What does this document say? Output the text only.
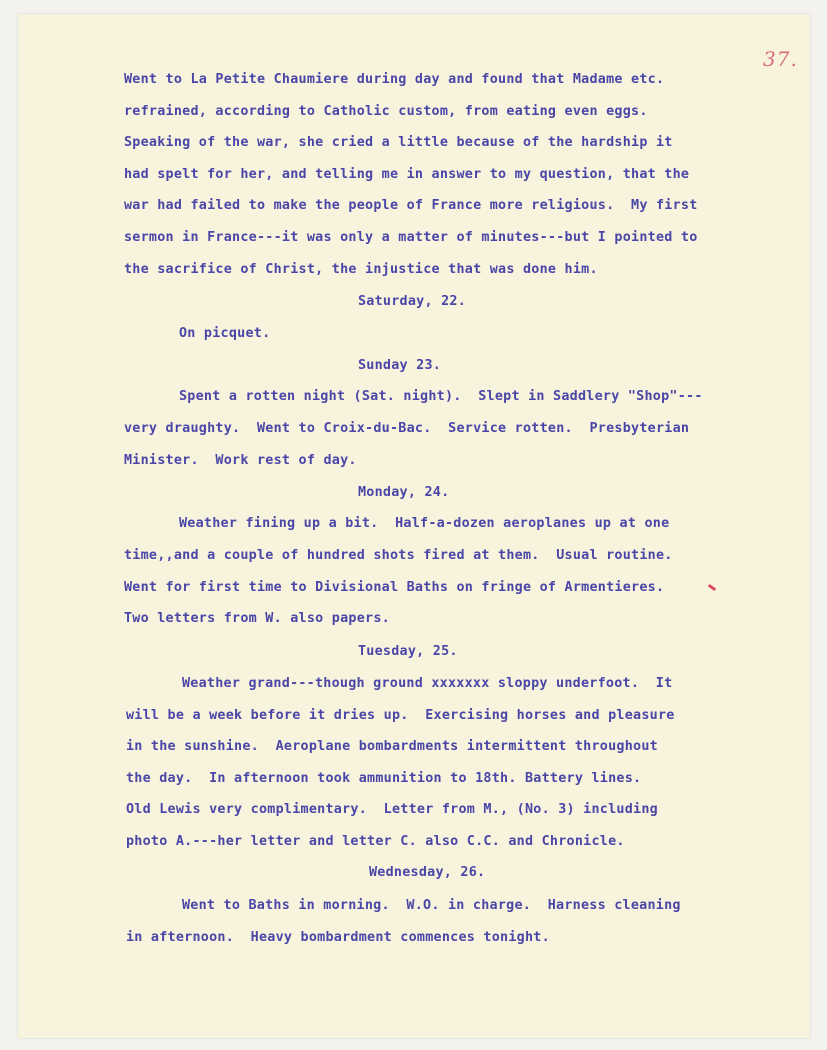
37.
Went to La Petite Chaumiere during day and found that Madame etc.
refrained, according to Catholic custom, from eating even eggs.
Speaking of the war, she cried a little because of the hardship it
had spelt for her, and telling me in answer to my question, that the
war had failed to make the people of France more religious.  My first
sermon in France---it was only a matter of minutes---but I pointed to
the sacrifice of Christ, the injustice that was done him.
Saturday, 22.
On picquet.
Sunday 23.
Spent a rotten night (Sat. night).  Slept in Saddlery "Shop"---
very draughty.  Went to Croix-du-Bac.  Service rotten.  Presbyterian
Minister.  Work rest of day.
Monday, 24.
Weather fining up a bit.  Half-a-dozen aeroplanes up at one
time,,and a couple of hundred shots fired at them.  Usual routine.
Went for first time to Divisional Baths on fringe of Armentieres.
Two letters from W. also papers.
Tuesday, 25.
Weather grand---though ground xxxxxxx sloppy underfoot.  It
will be a week before it dries up.  Exercising horses and pleasure
in the sunshine.  Aeroplane bombardments intermittent throughout
the day.  In afternoon took ammunition to 18th. Battery lines.
Old Lewis very complimentary.  Letter from M., (No. 3) including
photo A.---her letter and letter C. also C.C. and Chronicle.
Wednesday, 26.
Went to Baths in morning.  W.O. in charge.  Harness cleaning
in afternoon.  Heavy bombardment commences tonight.
